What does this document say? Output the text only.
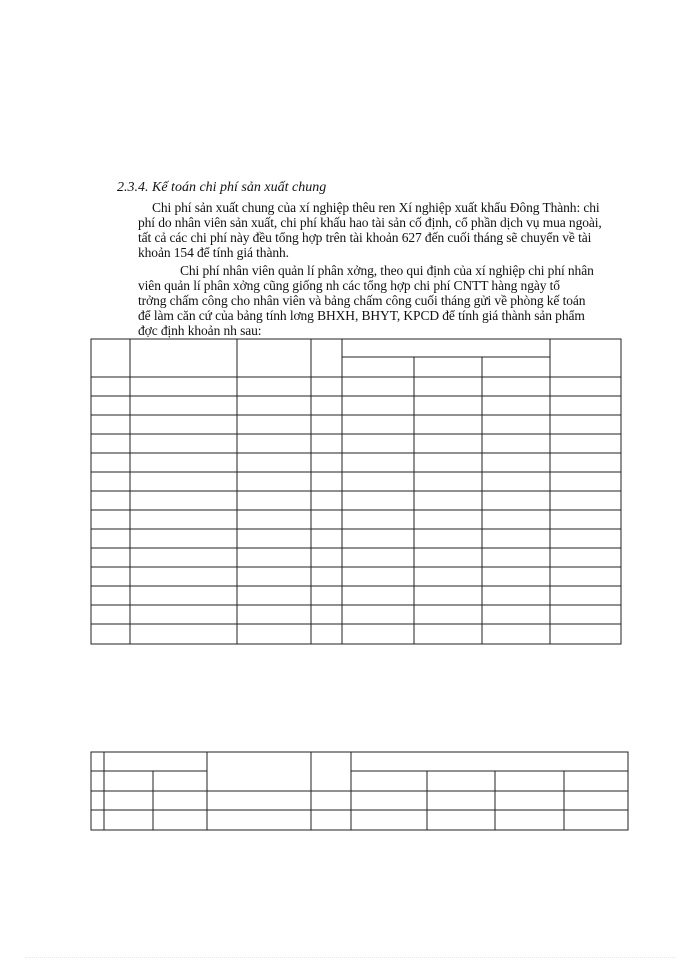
2.3.4. Kế toán chi phí sản xuất chung
Chi phí sản xuất chung của xí nghiệp thêu ren Xí nghiệp xuất khẩu Đông Thành: chi
phí do nhân viên sản xuất, chi phí khấu hao tài sản cố định, cổ phần dịch vụ mua ngoài,
tất cả các chi phí này đều tổng hợp trên tài khoản 627 đến cuối tháng sẽ chuyển về tài
khoản 154 để tính giá thành.
Chi phí nhân viên quản lí phân xởng, theo qui định của xí nghiệp chi phí nhân
viên quản lí phân xởng cũng giống nh các tổng hợp chi phí CNTT hàng ngày tổ
trởng chấm công cho nhân viên và bảng chấm công cuối tháng gửi về phòng kế toán
để làm căn cứ của bảng tính lơng BHXH, BHYT, KPCD để tính giá thành sản phẩm
đợc định khoản nh sau:
